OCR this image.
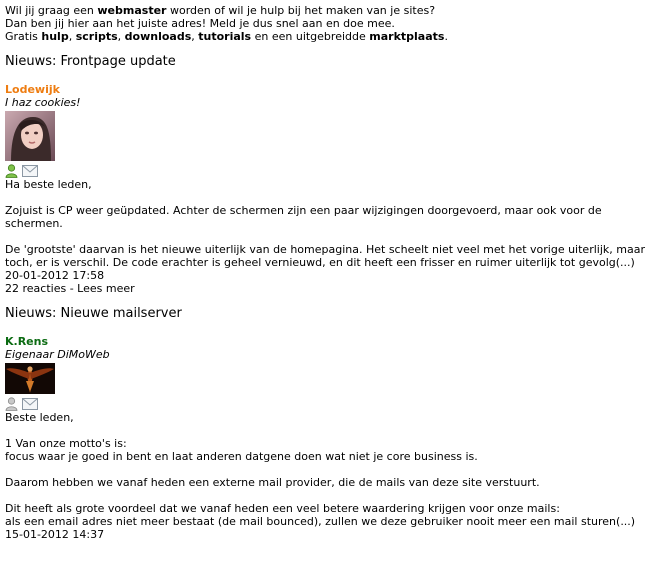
Wil jij graag een webmaster worden of wil je hulp bij het maken van je sites?

Dan ben jij hier aan het juiste adres! Meld je dus snel aan en doe mee.

Gratis hulp, scripts, downloads, tutorials en een uitgebreidde marktplaats.

Nieuws: Frontpage update
Lodewijk
I haz cookies!

Ha beste leden,

Zojuist is CP weer geüpdated. Achter de schermen zijn een paar wijzigingen doorgevoerd, maar ook voor de schermen.

De 'grootste' daarvan is het nieuwe uiterlijk van de homepagina. Het scheelt niet veel met het vorige uiterlijk, maar toch, er is verschil. De code erachter is geheel vernieuwd, en dit heeft een frisser en ruimer uiterlijk tot gevolg(...)

20-01-2012 17:58

22 reacties - Lees meer

Nieuws: Nieuwe mailserver
K.Rens
Eigenaar DiMoWeb

Beste leden,

1 Van onze motto's is:

focus waar je goed in bent en laat anderen datgene doen wat niet je core business is.

Daarom hebben we vanaf heden een externe mail provider, die de mails van deze site verstuurt.

Dit heeft als grote voordeel dat we vanaf heden een veel betere waardering krijgen voor onze mails:

als een email adres niet meer bestaat (de mail bounced), zullen we deze gebruiker nooit meer een mail sturen(...)

15-01-2012 14:37
